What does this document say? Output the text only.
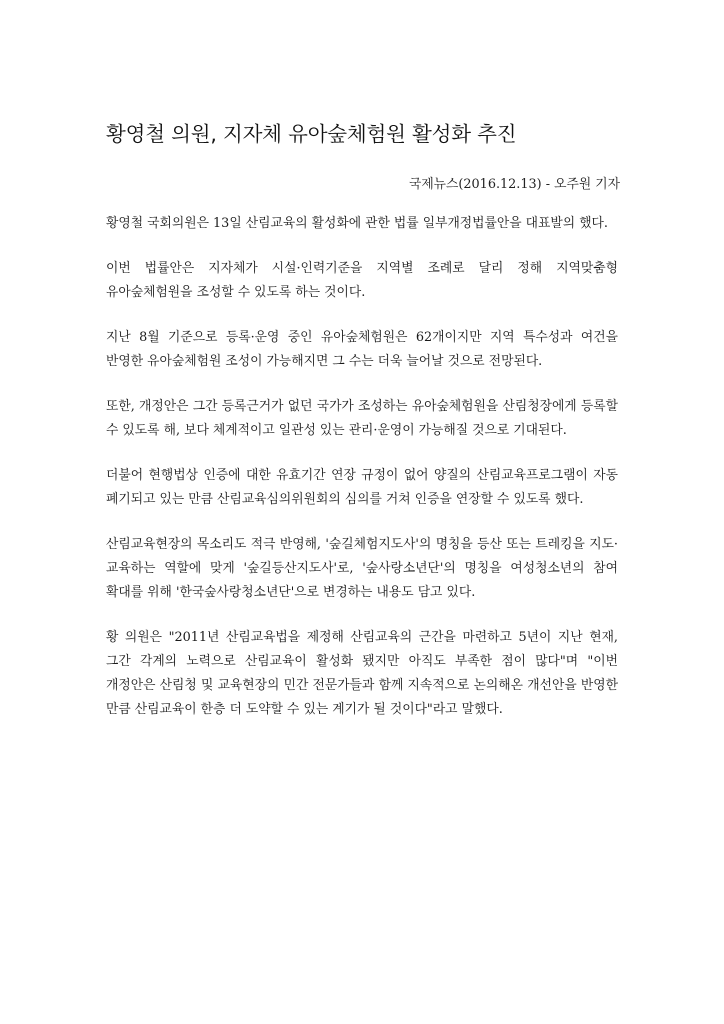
황영철 의원, 지자체 유아숲체험원 활성화 추진

국제뉴스(2016.12.13) - 오주원 기자

황영철 국회의원은 13일 산림교육의 활성화에 관한 법률 일부개정법률안을 대표발의 했다.

이번 법률안은 지자체가 시설·인력기준을 지역별 조례로 달리 정해 지역맞춤형 유아숲체험원을 조성할 수 있도록 하는 것이다.

지난 8월 기준으로 등록·운영 중인 유아숲체험원은 62개이지만 지역 특수성과 여건을 반영한 유아숲체험원 조성이 가능해지면 그 수는 더욱 늘어날 것으로 전망된다.

또한, 개정안은 그간 등록근거가 없던 국가가 조성하는 유아숲체험원을 산림청장에게 등록할 수 있도록 해, 보다 체계적이고 일관성 있는 관리·운영이 가능해질 것으로 기대된다.

더불어 현행법상 인증에 대한 유효기간 연장 규정이 없어 양질의 산림교육프로그램이 자동 폐기되고 있는 만큼 산림교육심의위원회의 심의를 거쳐 인증을 연장할 수 있도록 했다.

산림교육현장의 목소리도 적극 반영해, '숲길체험지도사'의 명칭을 등산 또는 트레킹을 지도·교육하는 역할에 맞게 '숲길등산지도사'로, '숲사랑소년단'의 명칭을 여성청소년의 참여 확대를 위해 '한국숲사랑청소년단'으로 변경하는 내용도 담고 있다.

황 의원은 "2011년 산림교육법을 제정해 산림교육의 근간을 마련하고 5년이 지난 현재, 그간 각계의 노력으로 산림교육이 활성화 됐지만 아직도 부족한 점이 많다"며 "이번 개정안은 산림청 및 교육현장의 민간 전문가들과 함께 지속적으로 논의해온 개선안을 반영한 만큼 산림교육이 한층 더 도약할 수 있는 계기가 될 것이다"라고 말했다.
